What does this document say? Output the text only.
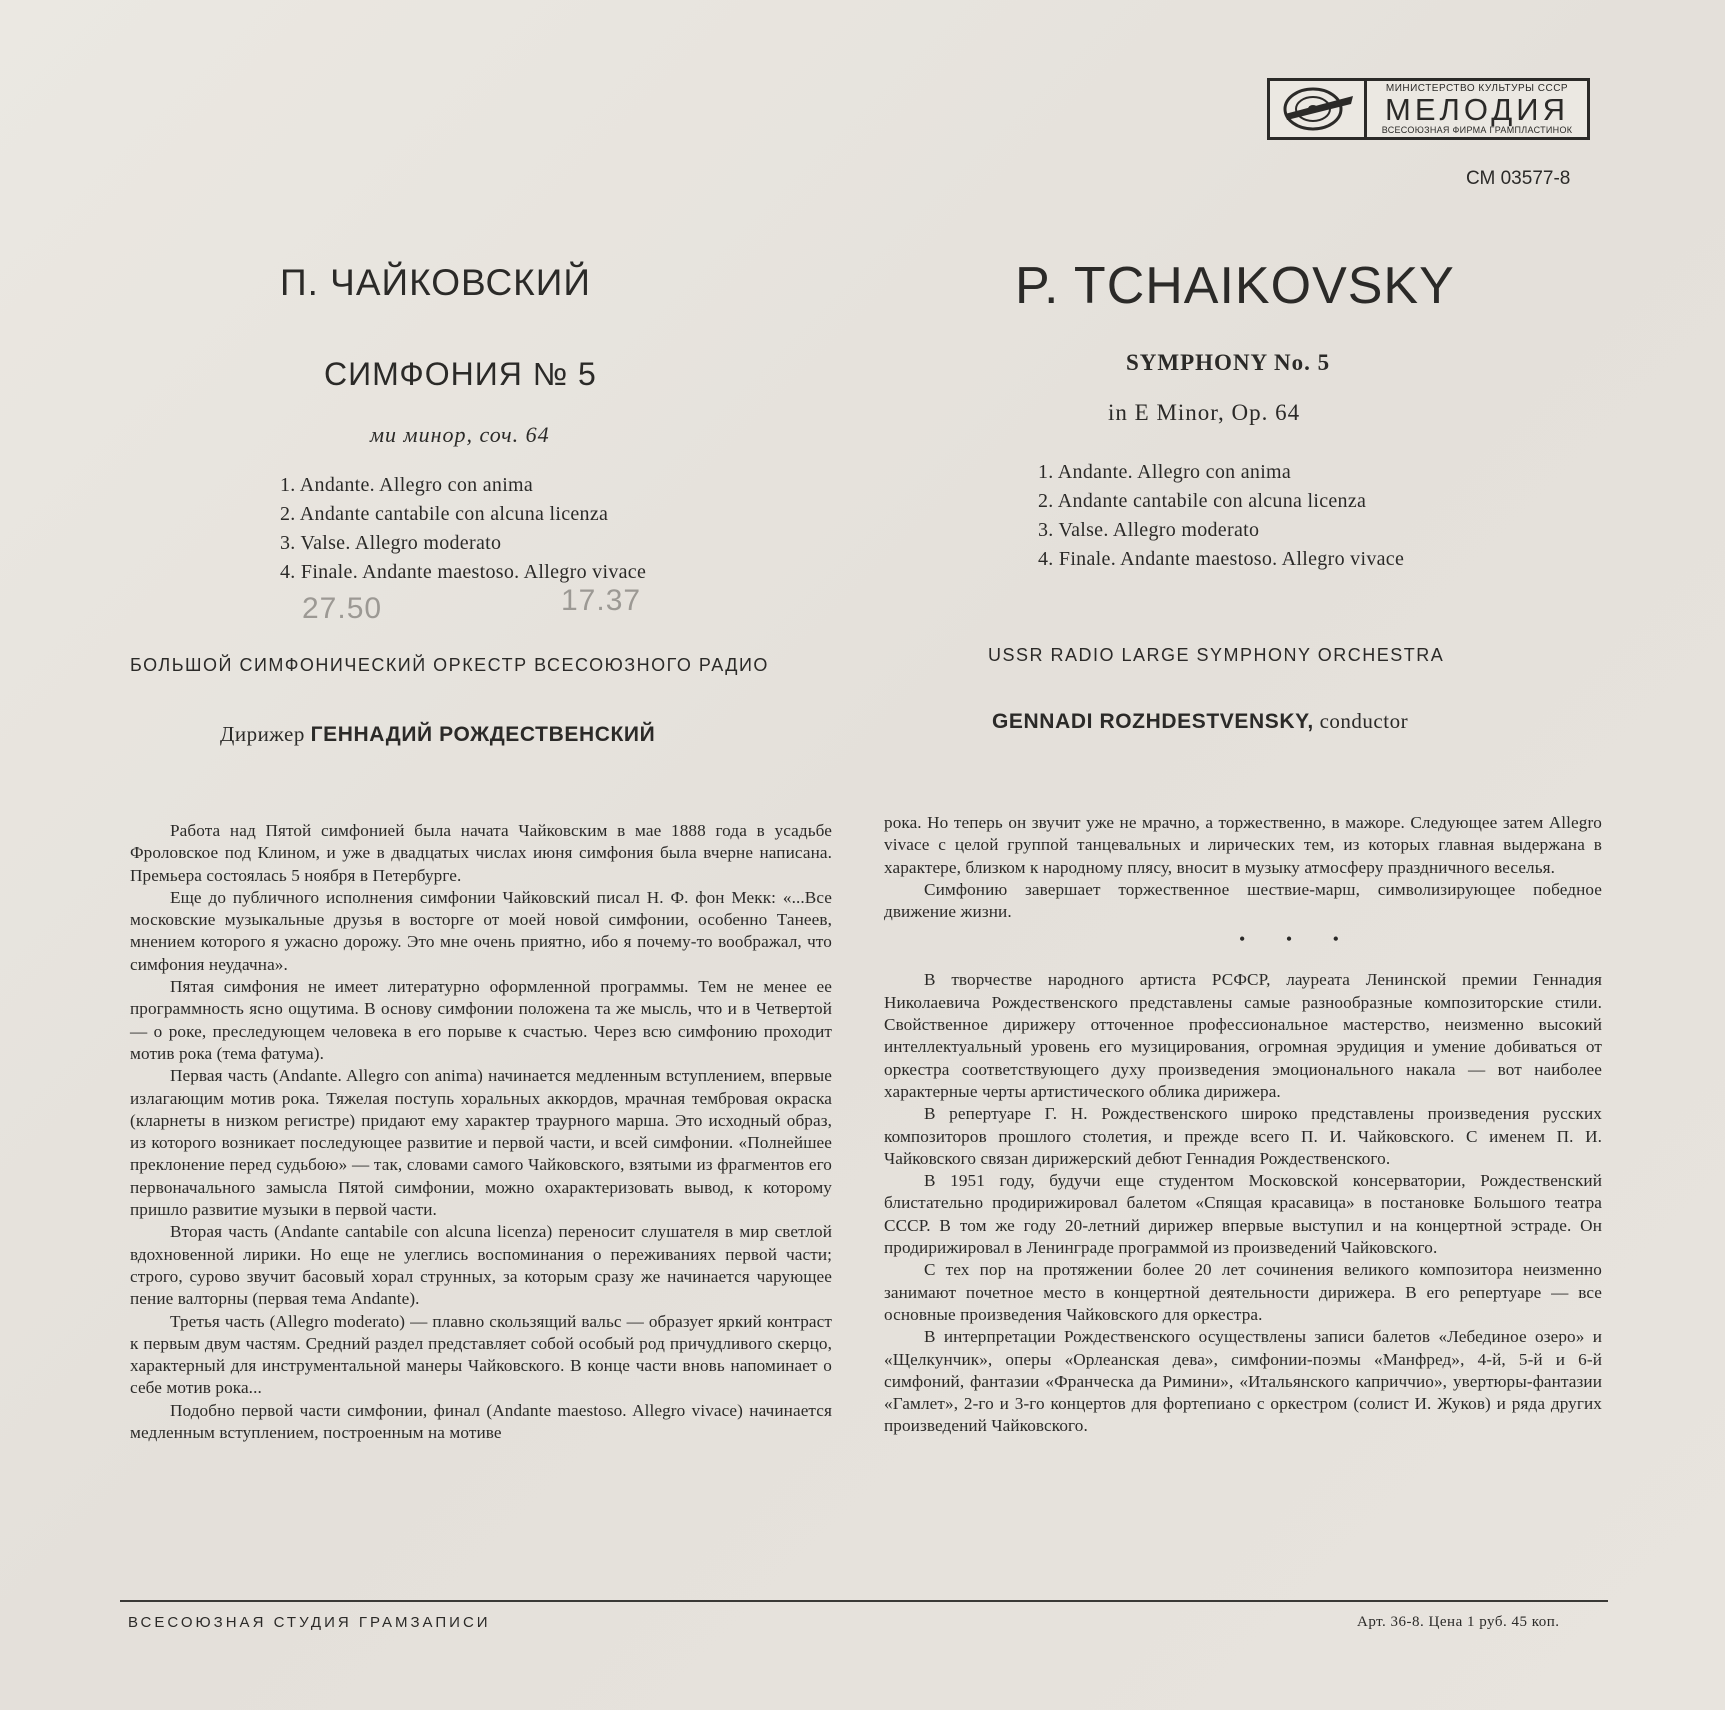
МИНИСТЕРСТВО КУЛЬТУРЫ СССР
МЕЛОДИЯ
ВСЕСОЮЗНАЯ ФИРМА ГРАМПЛАСТИНОК
СМ 03577-8
П. ЧАЙКОВСКИЙ	P. TCHAIKOVSKY
СИМФОНИЯ № 5	SYMPHONY No. 5
ми минор, соч. 64
in E Minor, Op. 64
1. Andante. Allegro con anima
2. Andante cantabile con alcuna licenza
3. Valse. Allegro moderato
4. Finale. Andante maestoso. Allegro vivace
1. Andante. Allegro con anima
2. Andante cantabile con alcuna licenza
3. Valse. Allegro moderato
4. Finale. Andante maestoso. Allegro vivace
27.50	17.37
БОЛЬШОЙ СИМФОНИЧЕСКИЙ ОРКЕСТР ВСЕСОЮЗНОГО РАДИО	USSR RADIO LARGE SYMPHONY ORCHESTRA
Дирижер ГЕННАДИЙ РОЖДЕСТВЕНСКИЙ
GENNADI ROZHDESTVENSKY, conductor

Работа над Пятой симфонией была начата Чайковским в мае 1888 года в усадьбе Фроловское под Клином, и уже в двадцатых числах июня симфония была вчерне написана. Премьера состоялась 5 ноября в Петербурге.

Еще до публичного исполнения симфонии Чайковский писал Н. Ф. фон Мекк: «...Все московские музыкальные друзья в восторге от моей новой симфонии, особенно Танеев, мнением которого я ужасно дорожу. Это мне очень приятно, ибо я почему-то воображал, что симфония неудачна».

Пятая симфония не имеет литературно оформленной программы. Тем не менее ее программность ясно ощутима. В основу симфонии положена та же мысль, что и в Четвертой — о роке, преследующем человека в его порыве к счастью. Через всю симфонию проходит мотив рока (тема фатума).

Первая часть (Andante. Allegro con anima) начинается медленным вступлением, впервые излагающим мотив рока. Тяжелая поступь хоральных аккордов, мрачная тембровая окраска (кларнеты в низком регистре) придают ему характер траурного марша. Это исходный образ, из которого возникает последующее развитие и первой части, и всей симфонии. «Полнейшее преклонение перед судьбою» — так, словами самого Чайковского, взятыми из фрагментов его первоначального замысла Пятой симфонии, можно охарактеризовать вывод, к которому пришло развитие музыки в первой части.

Вторая часть (Andante cantabile con alcuna licenza) переносит слушателя в мир светлой вдохновенной лирики. Но еще не улеглись воспоминания о переживаниях первой части; строго, сурово звучит басовый хорал струнных, за которым сразу же начинается чарующее пение валторны (первая тема Andante).

Третья часть (Allegro moderato) — плавно скользящий вальс — образует яркий контраст к первым двум частям. Средний раздел представляет собой особый род причудливого скерцо, характерный для инструментальной манеры Чайковского. В конце части вновь напоминает о себе мотив рока...

Подобно первой части симфонии, финал (Andante maestoso. Allegro vivace) начинается медленным вступлением, построенным на мотиве

рока. Но теперь он звучит уже не мрачно, а торжественно, в мажоре. Следующее затем Allegro vivace с целой группой танцевальных и лирических тем, из которых главная выдержана в характере, близком к народному плясу, вносит в музыку атмосферу праздничного веселья.

Симфонию завершает торжественное шествие-марш, символизирующее победное движение жизни.

• • •

В творчестве народного артиста РСФСР, лауреата Ленинской премии Геннадия Николаевича Рождественского представлены самые разнообразные композиторские стили. Свойственное дирижеру отточенное профессиональное мастерство, неизменно высокий интеллектуальный уровень его музицирования, огромная эрудиция и умение добиваться от оркестра соответствующего духу произведения эмоционального накала — вот наиболее характерные черты артистического облика дирижера.

В репертуаре Г. Н. Рождественского широко представлены произведения русских композиторов прошлого столетия, и прежде всего П. И. Чайковского. С именем П. И. Чайковского связан дирижерский дебют Геннадия Рождественского.

В 1951 году, будучи еще студентом Московской консерватории, Рождественский блистательно продирижировал балетом «Спящая красавица» в постановке Большого театра СССР. В том же году 20-летний дирижер впервые выступил и на концертной эстраде. Он продирижировал в Ленинграде программой из произведений Чайковского.

С тех пор на протяжении более 20 лет сочинения великого композитора неизменно занимают почетное место в концертной деятельности дирижера. В его репертуаре — все основные произведения Чайковского для оркестра.

В интерпретации Рождественского осуществлены записи балетов «Лебединое озеро» и «Щелкунчик», оперы «Орлеанская дева», симфонии-поэмы «Манфред», 4-й, 5-й и 6-й симфоний, фантазии «Франческа да Римини», «Итальянского каприччио», увертюры-фантазии «Гамлет», 2-го и 3-го концертов для фортепиано с оркестром (солист И. Жуков) и ряда других произведений Чайковского.

ВСЕСОЮЗНАЯ СТУДИЯ ГРАМЗАПИСИ	Арт. 36-8. Цена 1 руб. 45 коп.
